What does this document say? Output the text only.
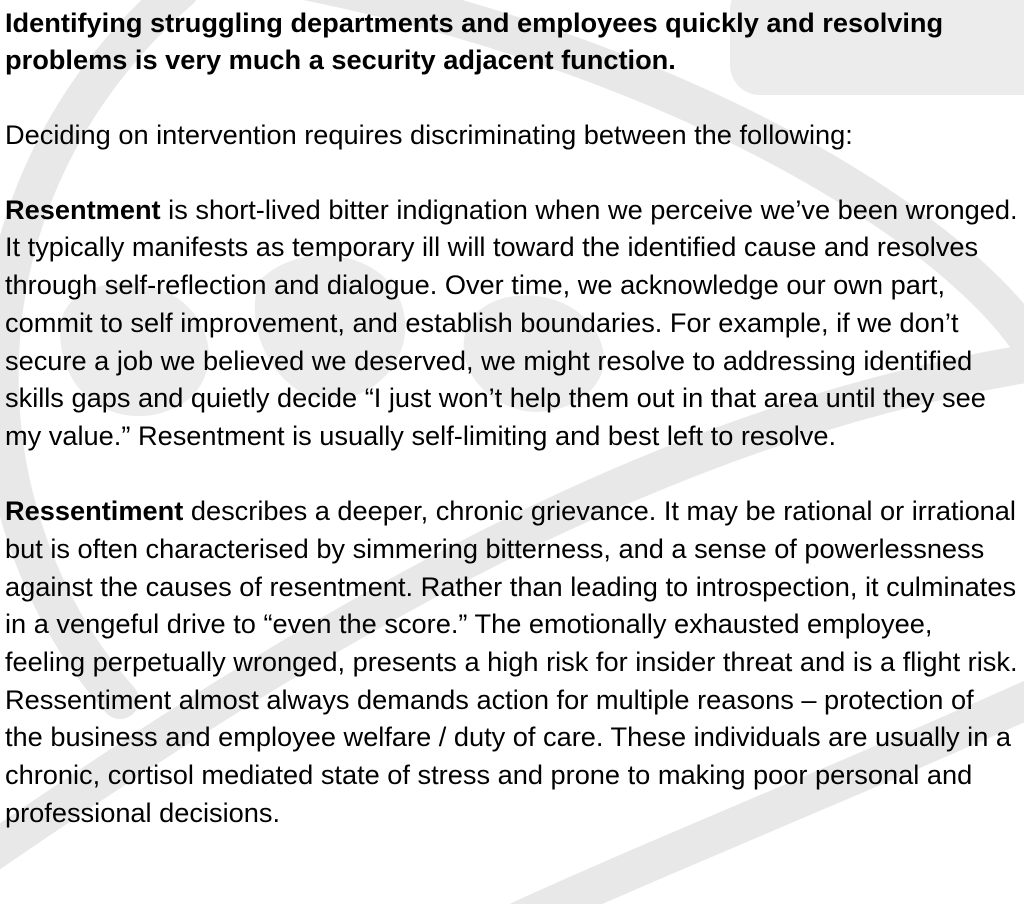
Identifying struggling departments and employees quickly and resolving problems is very much a security adjacent function.

Deciding on intervention requires discriminating between the following:

Resentment is short-lived bitter indignation when we perceive we’ve been wronged. It typically manifests as temporary ill will toward the identified cause and resolves through self-reflection and dialogue. Over time, we acknowledge our own part, commit to self improvement, and establish boundaries. For example, if we don’t secure a job we believed we deserved, we might resolve to addressing identified skills gaps and quietly decide “I just won’t help them out in that area until they see my value.” Resentment is usually self-limiting and best left to resolve.

Ressentiment describes a deeper, chronic grievance. It may be rational or irrational but is often characterised by simmering bitterness, and a sense of powerlessness against the causes of resentment. Rather than leading to introspection, it culminates in a vengeful drive to “even the score.” The emotionally exhausted employee, feeling perpetually wronged, presents a high risk for insider threat and is a flight risk. Ressentiment almost always demands action for multiple reasons – protection of the business and employee welfare / duty of care. These individuals are usually in a chronic, cortisol mediated state of stress and prone to making poor personal and professional decisions.
